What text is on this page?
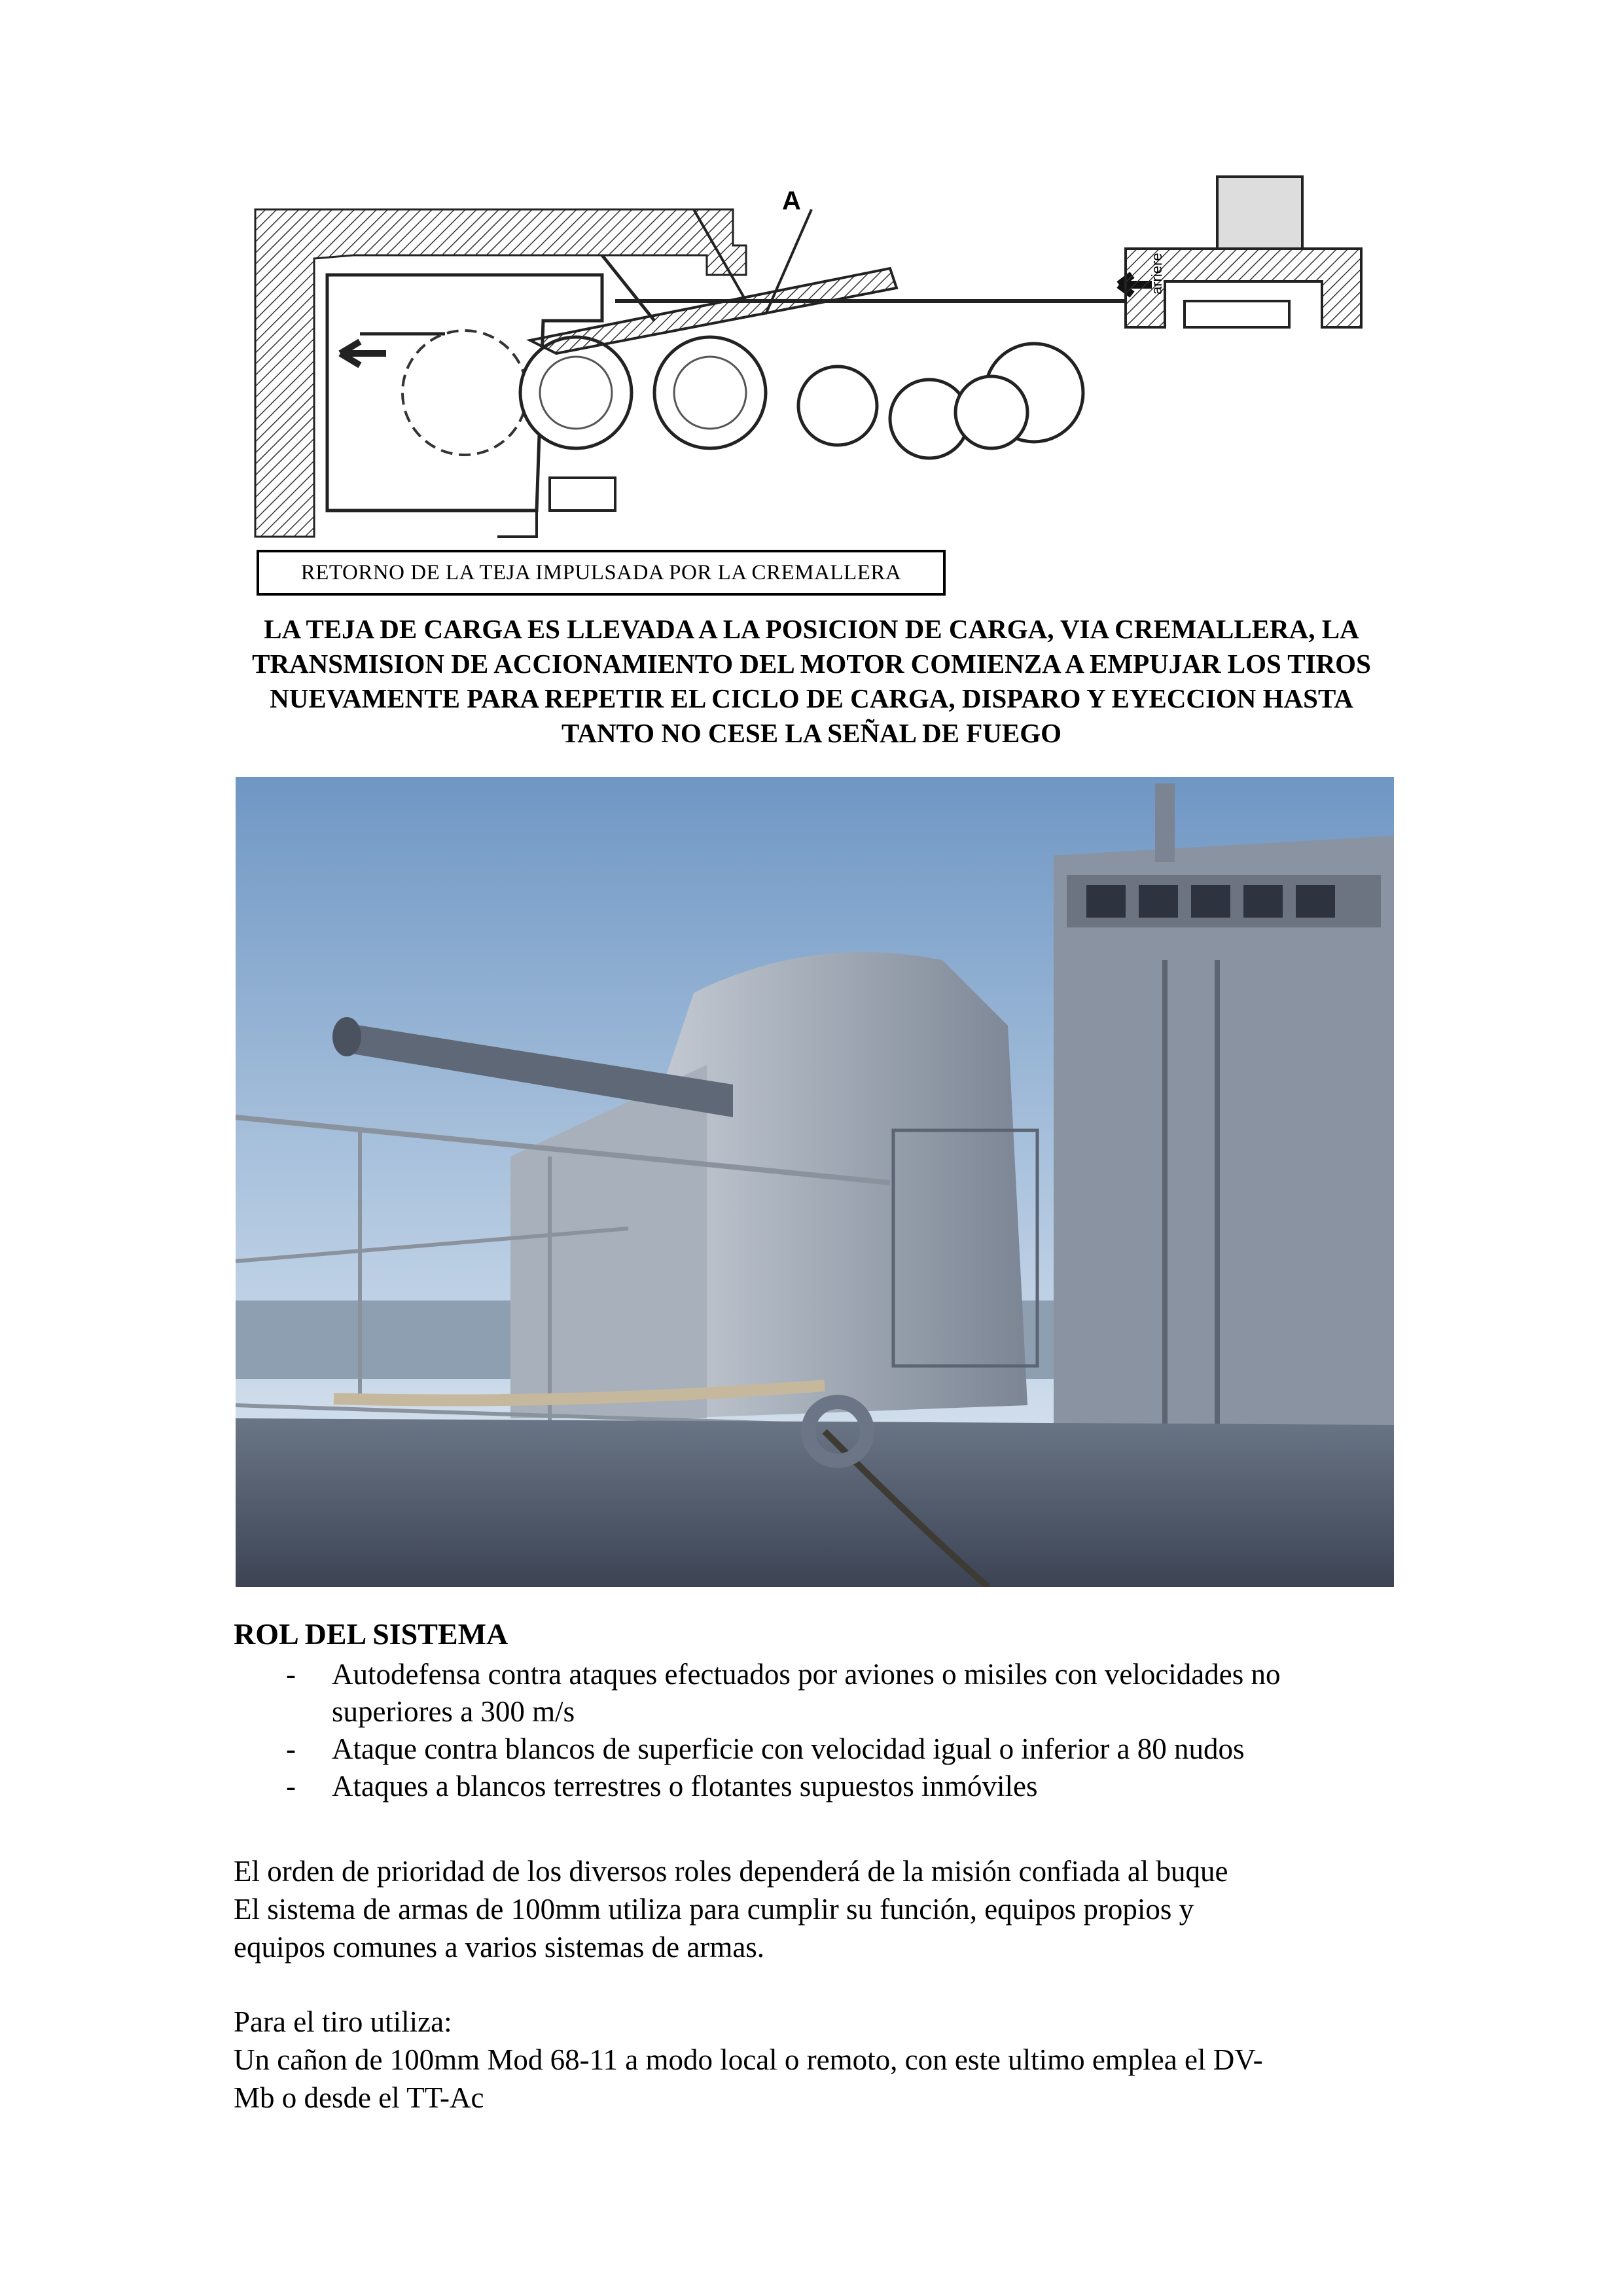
A
arriere
RETORNO DE LA TEJA IMPULSADA POR LA CREMALLERA
LA TEJA DE CARGA ES LLEVADA A LA POSICION DE CARGA, VIA CREMALLERA, LA
TRANSMISION DE ACCIONAMIENTO DEL MOTOR COMIENZA A EMPUJAR LOS TIROS
NUEVAMENTE PARA REPETIR EL CICLO DE CARGA, DISPARO Y EYECCION HASTA
TANTO NO CESE LA SEÑAL DE FUEGO
ROL DEL SISTEMA
- Autodefensa contra ataques efectuados por aviones o misiles con velocidades no superiores a 300 m/s
- Ataque contra blancos de superficie con velocidad igual o inferior a 80 nudos
- Ataques a blancos terrestres o flotantes supuestos inmóviles
El orden de prioridad de los diversos roles dependerá de la misión confiada al buque
El sistema de armas de 100mm utiliza para cumplir su función, equipos propios y
equipos comunes a varios sistemas de armas.
Para el tiro utiliza:
Un cañon de 100mm Mod 68-11 a modo local o remoto, con este ultimo emplea el DV-
Mb o desde el TT-Ac
